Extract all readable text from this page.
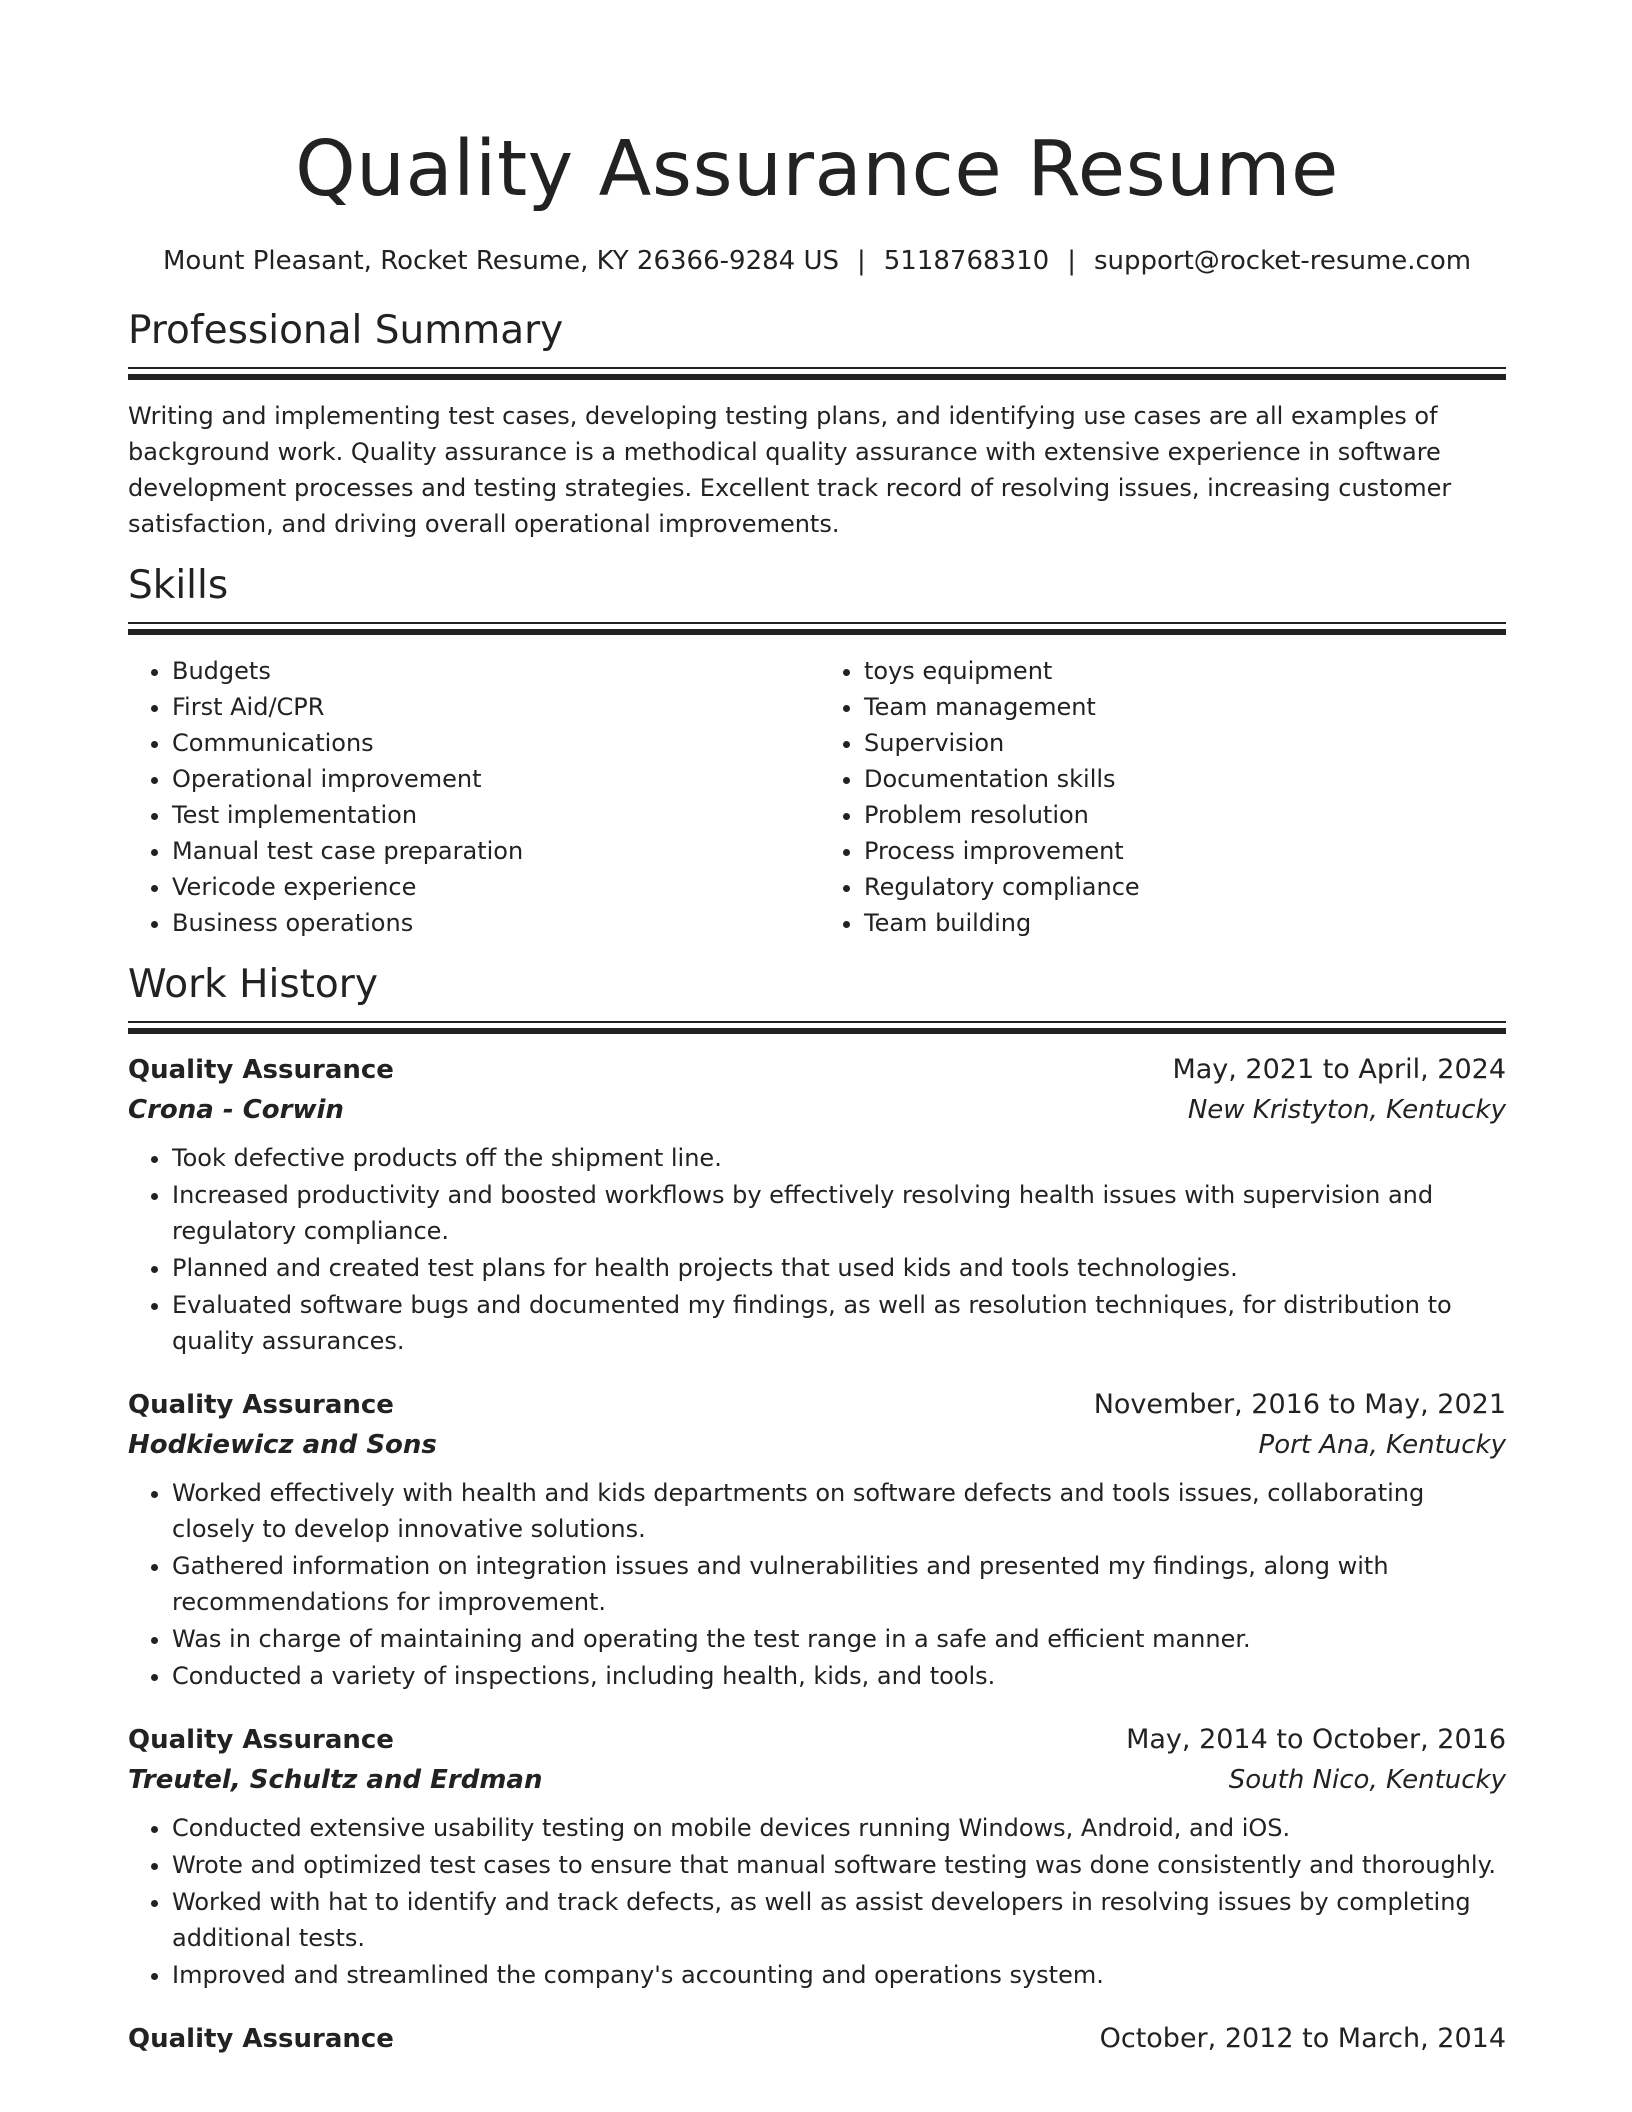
Quality Assurance Resume
Mount Pleasant, Rocket Resume, KY 26366-9284 US | 5118768310 | support@rocket-resume.com
Professional Summary
Writing and implementing test cases, developing testing plans, and identifying use cases are all examples of background work. Quality assurance is a methodical quality assurance with extensive experience in software development processes and testing strategies. Excellent track record of resolving issues, increasing customer satisfaction, and driving overall operational improvements.
Skills
• Budgets
• First Aid/CPR
• Communications
• Operational improvement
• Test implementation
• Manual test case preparation
• Vericode experience
• Business operations
• toys equipment
• Team management
• Supervision
• Documentation skills
• Problem resolution
• Process improvement
• Regulatory compliance
• Team building
Work History
Quality Assurance	May, 2021 to April, 2024
Crona - Corwin	New Kristyton, Kentucky
• Took defective products off the shipment line.
• Increased productivity and boosted workflows by effectively resolving health issues with supervision and regulatory compliance.
• Planned and created test plans for health projects that used kids and tools technologies.
• Evaluated software bugs and documented my findings, as well as resolution techniques, for distribution to quality assurances.
Quality Assurance	November, 2016 to May, 2021
Hodkiewicz and Sons	Port Ana, Kentucky
• Worked effectively with health and kids departments on software defects and tools issues, collaborating closely to develop innovative solutions.
• Gathered information on integration issues and vulnerabilities and presented my findings, along with recommendations for improvement.
• Was in charge of maintaining and operating the test range in a safe and efficient manner.
• Conducted a variety of inspections, including health, kids, and tools.
Quality Assurance	May, 2014 to October, 2016
Treutel, Schultz and Erdman	South Nico, Kentucky
• Conducted extensive usability testing on mobile devices running Windows, Android, and iOS.
• Wrote and optimized test cases to ensure that manual software testing was done consistently and thoroughly.
• Worked with hat to identify and track defects, as well as assist developers in resolving issues by completing additional tests.
• Improved and streamlined the company's accounting and operations system.
Quality Assurance	October, 2012 to March, 2014
